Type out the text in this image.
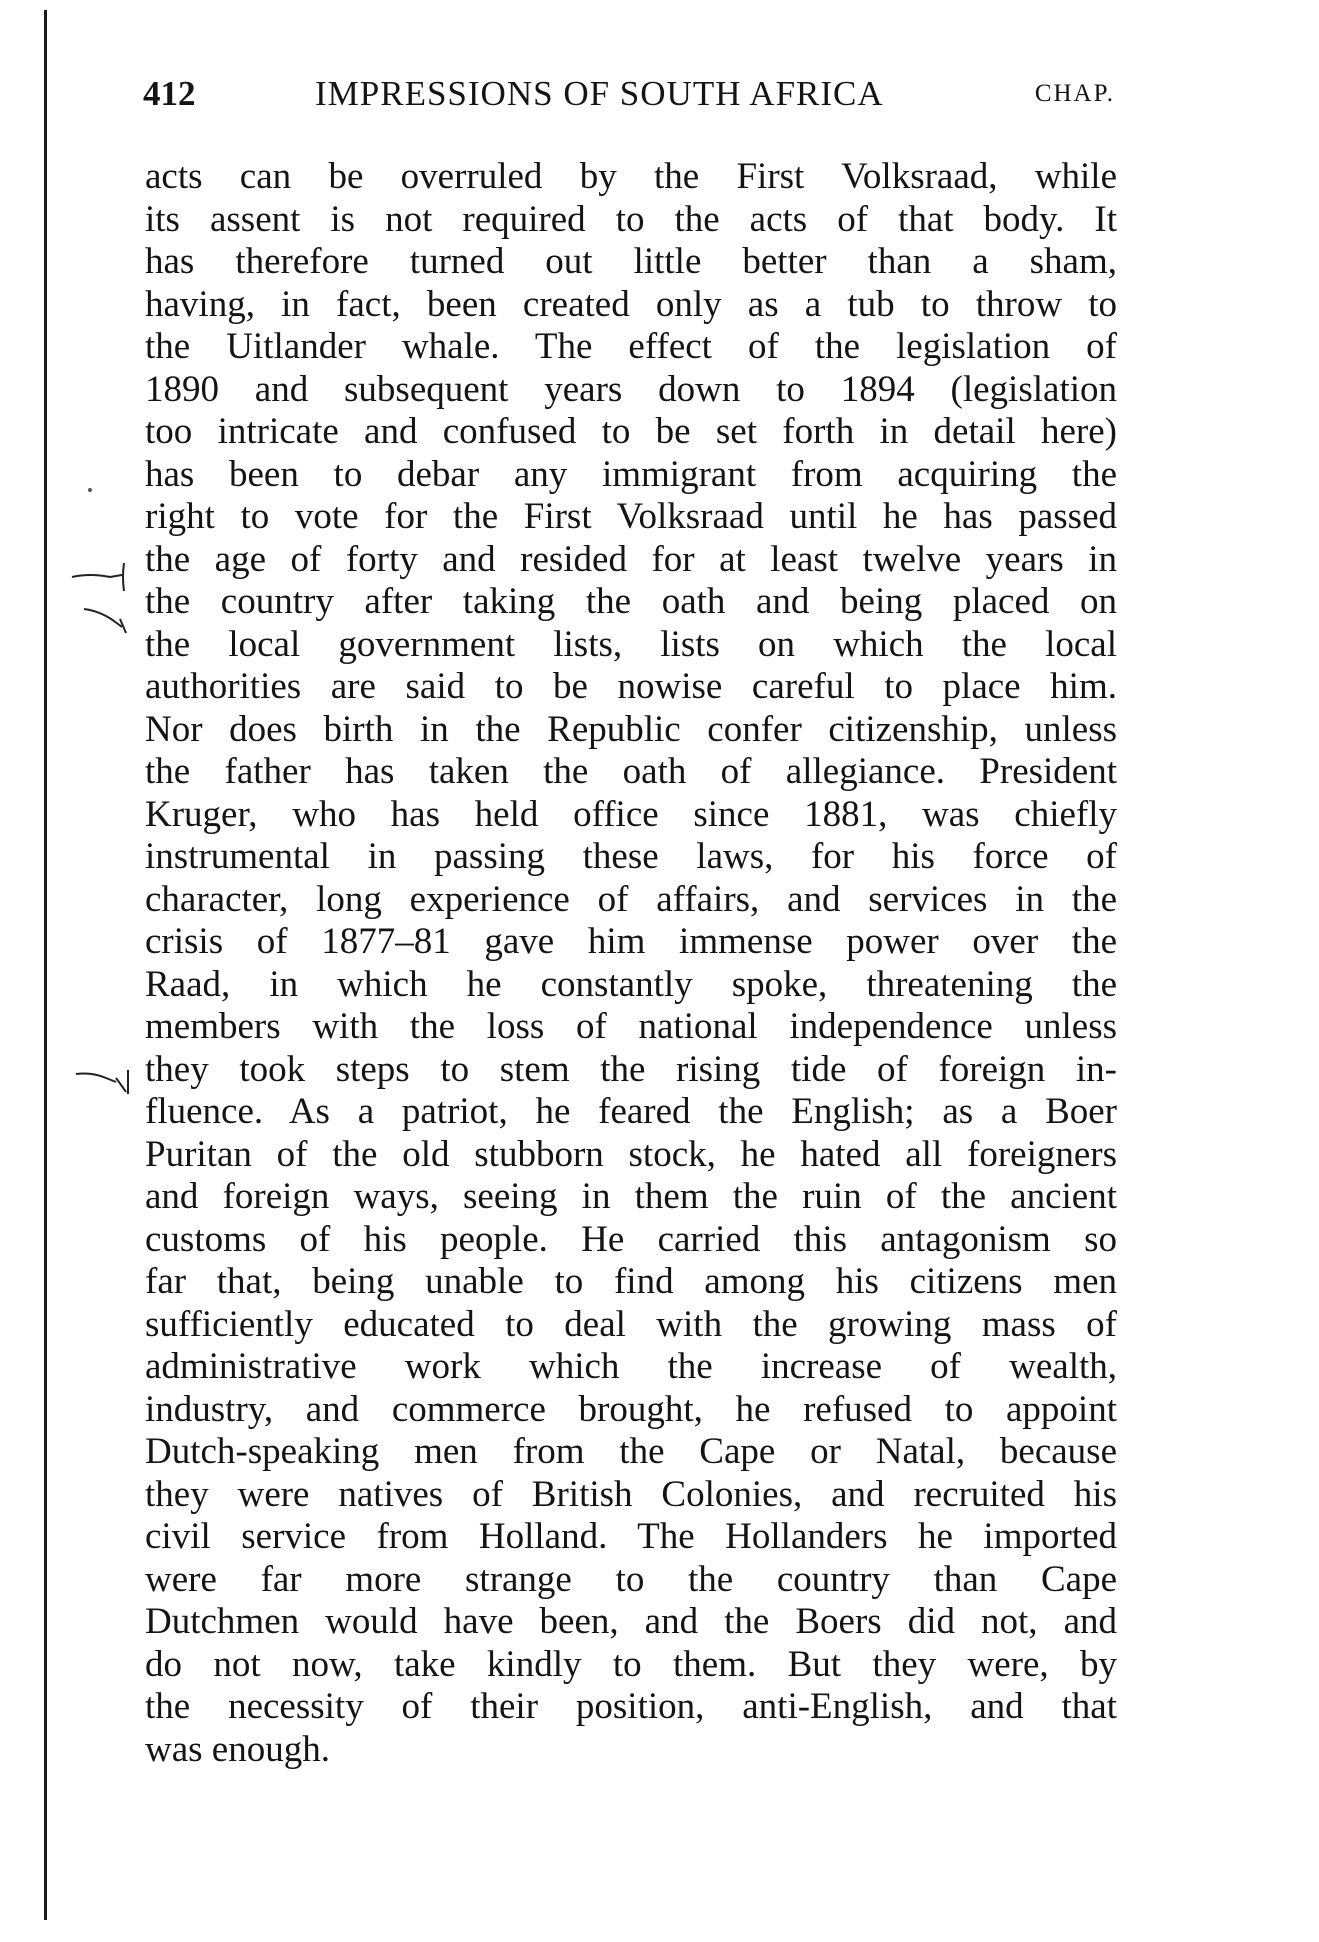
412	IMPRESSIONS OF SOUTH AFRICA	CHAP.
acts can be overruled by the First Volksraad, while
its assent is not required to the acts of that body. It
has therefore turned out little better than a sham,
having, in fact, been created only as a tub to throw to
the Uitlander whale. The effect of the legislation of
1890 and subsequent years down to 1894 (legislation
too intricate and confused to be set forth in detail here)
has been to debar any immigrant from acquiring the
right to vote for the First Volksraad until he has passed
the age of forty and resided for at least twelve years in
the country after taking the oath and being placed on
the local government lists, lists on which the local
authorities are said to be nowise careful to place him.
Nor does birth in the Republic confer citizenship, unless
the father has taken the oath of allegiance. President
Kruger, who has held office since 1881, was chiefly
instrumental in passing these laws, for his force of
character, long experience of affairs, and services in the
crisis of 1877–81 gave him immense power over the
Raad, in which he constantly spoke, threatening the
members with the loss of national independence unless
they took steps to stem the rising tide of foreign in-
fluence. As a patriot, he feared the English; as a Boer
Puritan of the old stubborn stock, he hated all foreigners
and foreign ways, seeing in them the ruin of the ancient
customs of his people. He carried this antagonism so
far that, being unable to find among his citizens men
sufficiently educated to deal with the growing mass of
administrative work which the increase of wealth,
industry, and commerce brought, he refused to appoint
Dutch-speaking men from the Cape or Natal, because
they were natives of British Colonies, and recruited his
civil service from Holland. The Hollanders he imported
were far more strange to the country than Cape
Dutchmen would have been, and the Boers did not, and
do not now, take kindly to them. But they were, by
the necessity of their position, anti-English, and that
was enough.
